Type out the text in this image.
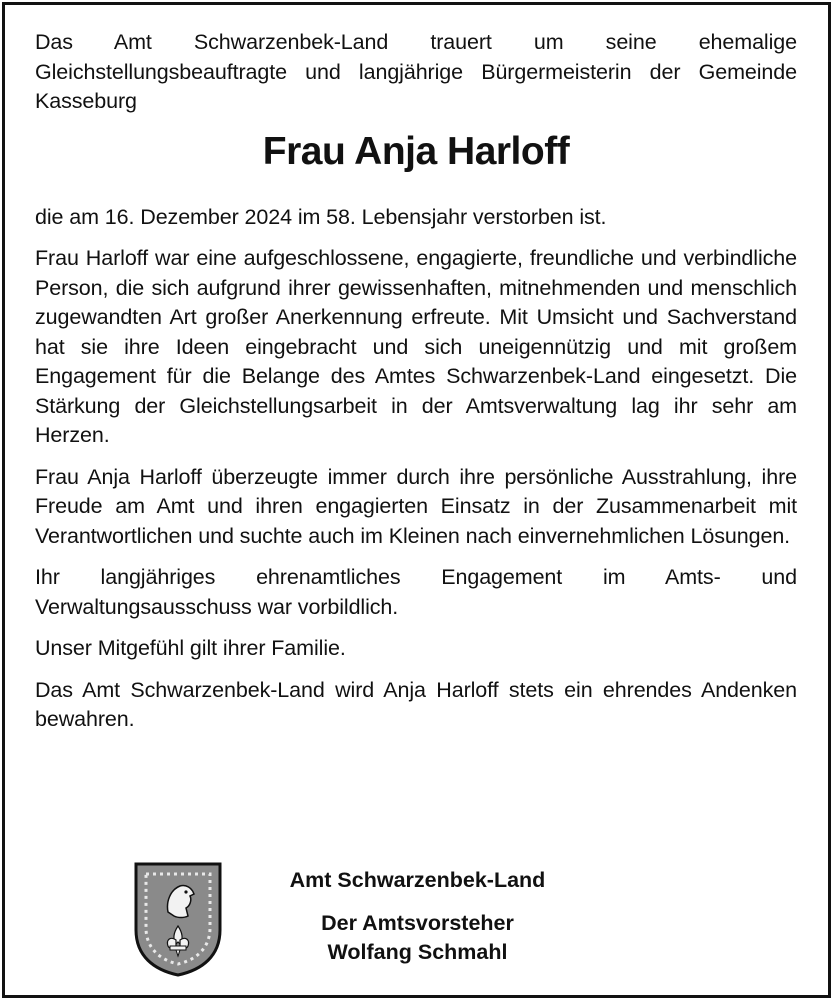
Das Amt Schwarzenbek-Land trauert um seine ehemalige Gleichstellungsbeauftragte und langjährige Bürgermeisterin der Gemeinde Kasseburg

Frau Anja Harloff

die am 16. Dezember 2024 im 58. Lebensjahr verstorben ist.

Frau Harloff war eine aufgeschlossene, engagierte, freundliche und verbindliche Person, die sich aufgrund ihrer gewissenhaften, mitnehmenden und menschlich zugewandten Art großer Anerkennung erfreute. Mit Umsicht und Sachverstand hat sie ihre Ideen eingebracht und sich uneigennützig und mit großem Engagement für die Belange des Amtes Schwarzenbek-Land eingesetzt. Die Stärkung der Gleichstellungsarbeit in der Amtsverwaltung lag ihr sehr am Herzen.

Frau Anja Harloff überzeugte immer durch ihre persönliche Ausstrahlung, ihre Freude am Amt und ihren engagierten Einsatz in der Zusammenarbeit mit Verantwortlichen und suchte auch im Kleinen nach einvernehmlichen Lösungen.

Ihr langjähriges ehrenamtliches Engagement im Amts- und Verwaltungsausschuss war vorbildlich.

Unser Mitgefühl gilt ihrer Familie.

Das Amt Schwarzenbek-Land wird Anja Harloff stets ein ehrendes Andenken bewahren.

Amt Schwarzenbek-Land
Der Amtsvorsteher
Wolfang Schmahl
